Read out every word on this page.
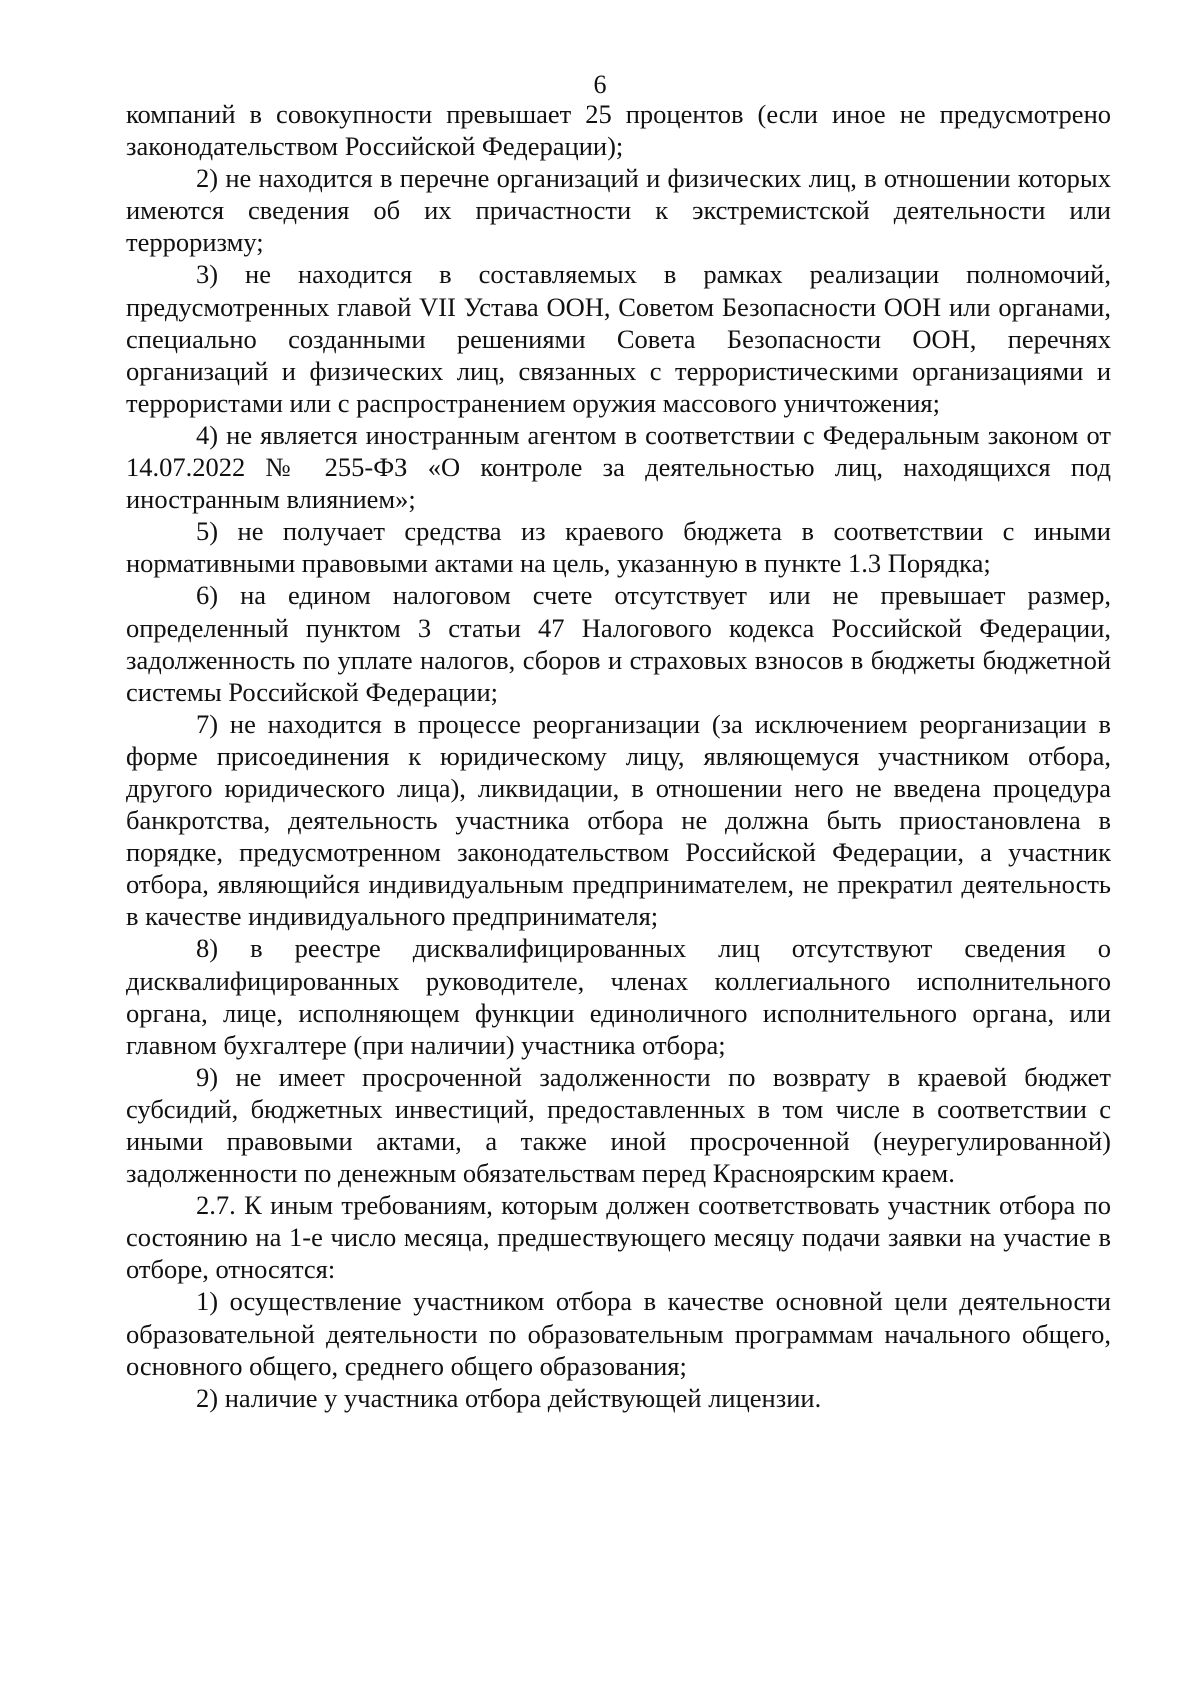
6

компаний в совокупности превышает 25 процентов (если иное не предусмотрено законодательством Российской Федерации);

2) не находится в перечне организаций и физических лиц, в отношении которых имеются сведения об их причастности к экстремистской деятельности или терроризму;

3) не находится в составляемых в рамках реализации полномочий, предусмотренных главой VII Устава ООН, Советом Безопасности ООН или органами, специально созданными решениями Совета Безопасности ООН, перечнях организаций и физических лиц, связанных с террористическими организациями и террористами или с распространением оружия массового уничтожения;

4) не является иностранным агентом в соответствии с Федеральным законом от 14.07.2022 № 255-ФЗ «О контроле за деятельностью лиц, находящихся под иностранным влиянием»;

5) не получает средства из краевого бюджета в соответствии с иными нормативными правовыми актами на цель, указанную в пункте 1.3 Порядка;

6) на едином налоговом счете отсутствует или не превышает размер, определенный пунктом 3 статьи 47 Налогового кодекса Российской Федерации, задолженность по уплате налогов, сборов и страховых взносов в бюджеты бюджетной системы Российской Федерации;

7) не находится в процессе реорганизации (за исключением реорганизации в форме присоединения к юридическому лицу, являющемуся участником отбора, другого юридического лица), ликвидации, в отношении него не введена процедура банкротства, деятельность участника отбора не должна быть приостановлена в порядке, предусмотренном законодательством Российской Федерации, а участник отбора, являющийся индивидуальным предпринимателем, не прекратил деятельность в качестве индивидуального предпринимателя;

8) в реестре дисквалифицированных лиц отсутствуют сведения о дисквалифицированных руководителе, членах коллегиального исполнительного органа, лице, исполняющем функции единоличного исполнительного органа, или главном бухгалтере (при наличии) участника отбора;

9) не имеет просроченной задолженности по возврату в краевой бюджет субсидий, бюджетных инвестиций, предоставленных в том числе в соответствии с иными правовыми актами, а также иной просроченной (неурегулированной) задолженности по денежным обязательствам перед Красноярским краем.

2.7. К иным требованиям, которым должен соответствовать участник отбора по состоянию на 1-е число месяца, предшествующего месяцу подачи заявки на участие в отборе, относятся:

1) осуществление участником отбора в качестве основной цели деятельности образовательной деятельности по образовательным программам начального общего, основного общего, среднего общего образования;

2) наличие у участника отбора действующей лицензии.
